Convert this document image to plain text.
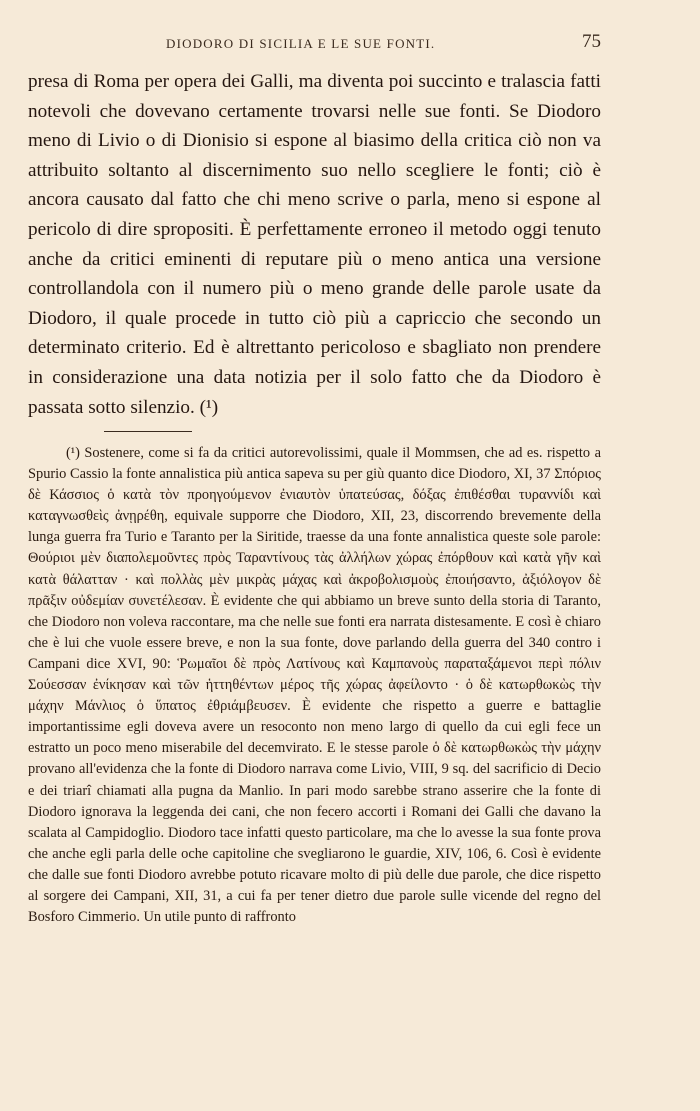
DIODORO DI SICILIA E LE SUE FONTI.	75

presa di Roma per opera dei Galli, ma diventa poi succinto e tralascia fatti notevoli che dovevano certamente trovarsi nelle sue fonti. Se Diodoro meno di Livio o di Dionisio si espone al biasimo della critica ciò non va attribuito soltanto al discernimento suo nello scegliere le fonti; ciò è ancora causato dal fatto che chi meno scrive o parla, meno si espone al pericolo di dire spropositi. È perfettamente erroneo il metodo oggi tenuto anche da critici eminenti di reputare più o meno antica una versione controllandola con il numero più o meno grande delle parole usate da Diodoro, il quale procede in tutto ciò più a capriccio che secondo un determinato criterio. Ed è altrettanto pericoloso e sbagliato non prendere in considerazione una data notizia per il solo fatto che da Diodoro è passata sotto silenzio. (¹)

(¹) Sostenere, come si fa da critici autorevolissimi, quale il Mommsen, che ad es. rispetto a Spurio Cassio la fonte annalistica più antica sapeva su per giù quanto dice Diodoro, XI, 37 Σπόριος δὲ Κάσσιος ὁ κατὰ τὸν προηγούμενον ἐνιαυτὸν ὑπατεύσας, δόξας ἐπιθέσθαι τυραννίδι καὶ καταγνωσθεὶς ἀνῃρέθη, equivale supporre che Diodoro, XII, 23, discorrendo brevemente della lunga guerra fra Turio e Taranto per la Siritide, traesse da una fonte annalistica queste sole parole: Θούριοι μὲν διαπολεμοῦντες πρὸς Ταραντίνους τὰς ἀλλήλων χώρας ἐπόρθουν καὶ κατὰ γῆν καὶ κατὰ θάλατταν · καὶ πολλὰς μὲν μικρὰς μάχας καὶ ἀκροβολισμοὺς ἐποιήσαντο, ἀξιόλογον δὲ πρᾶξιν οὐδεμίαν συνετέλεσαν. È evidente che qui abbiamo un breve sunto della storia di Taranto, che Diodoro non voleva raccontare, ma che nelle sue fonti era narrata distesamente. E così è chiaro che è lui che vuole essere breve, e non la sua fonte, dove parlando della guerra del 340 contro i Campani dice XVI, 90: Ῥωμαῖοι δὲ πρὸς Λατίνους καὶ Καμπανοὺς παραταξάμενοι περὶ πόλιν Σούεσσαν ἐνίκησαν καὶ τῶν ἡττηθέντων μέρος τῆς χώρας ἀφείλοντο · ὁ δὲ κατωρθωκὼς τὴν μάχην Μάνλιος ὁ ὕπατος ἐθριάμβευσεν. È evidente che rispetto a guerre e battaglie importantissime egli doveva avere un resoconto non meno largo di quello da cui egli fece un estratto un poco meno miserabile del decemvirato. E le stesse parole ὁ δὲ κατωρθωκὼς τὴν μάχην provano all'evidenza che la fonte di Diodoro narrava come Livio, VIII, 9 sq. del sacrificio di Decio e dei triarî chiamati alla pugna da Manlio. In pari modo sarebbe strano asserire che la fonte di Diodoro ignorava la leggenda dei cani, che non fecero accorti i Romani dei Galli che davano la scalata al Campidoglio. Diodoro tace infatti questo particolare, ma che lo avesse la sua fonte prova che anche egli parla delle oche capitoline che svegliarono le guardie, XIV, 106, 6. Così è evidente che dalle sue fonti Diodoro avrebbe potuto ricavare molto di più delle due parole, che dice rispetto al sorgere dei Campani, XII, 31, a cui fa per tener dietro due parole sulle vicende del regno del Bosforo Cimmerio. Un utile punto di raffronto
